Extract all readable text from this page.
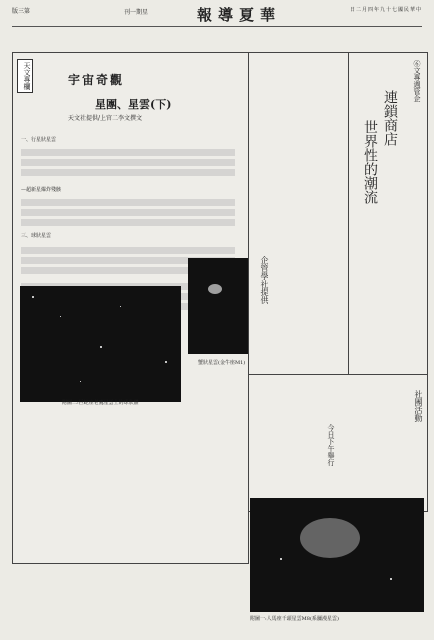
版三第	刊一期星	報導夏華	日二月四年九十七國民華中
天文專欄	宇宙奇觀
星團、星雲(下)
天文社提供/上官二李文撰文
一、行星狀星雲
—超新星爆炸殘骸
三、球狀星雲
附圖二:巨蛇座老鷹星雲上的球狀體
蟹狀星雲(金牛座M1)
企管學社提供
⑥文專週管企
連鎖商店
世界性的潮流
社團活動
今日下午舉行
附圖一:人馬座千頭星雲M8(系瀰漫星雲)
